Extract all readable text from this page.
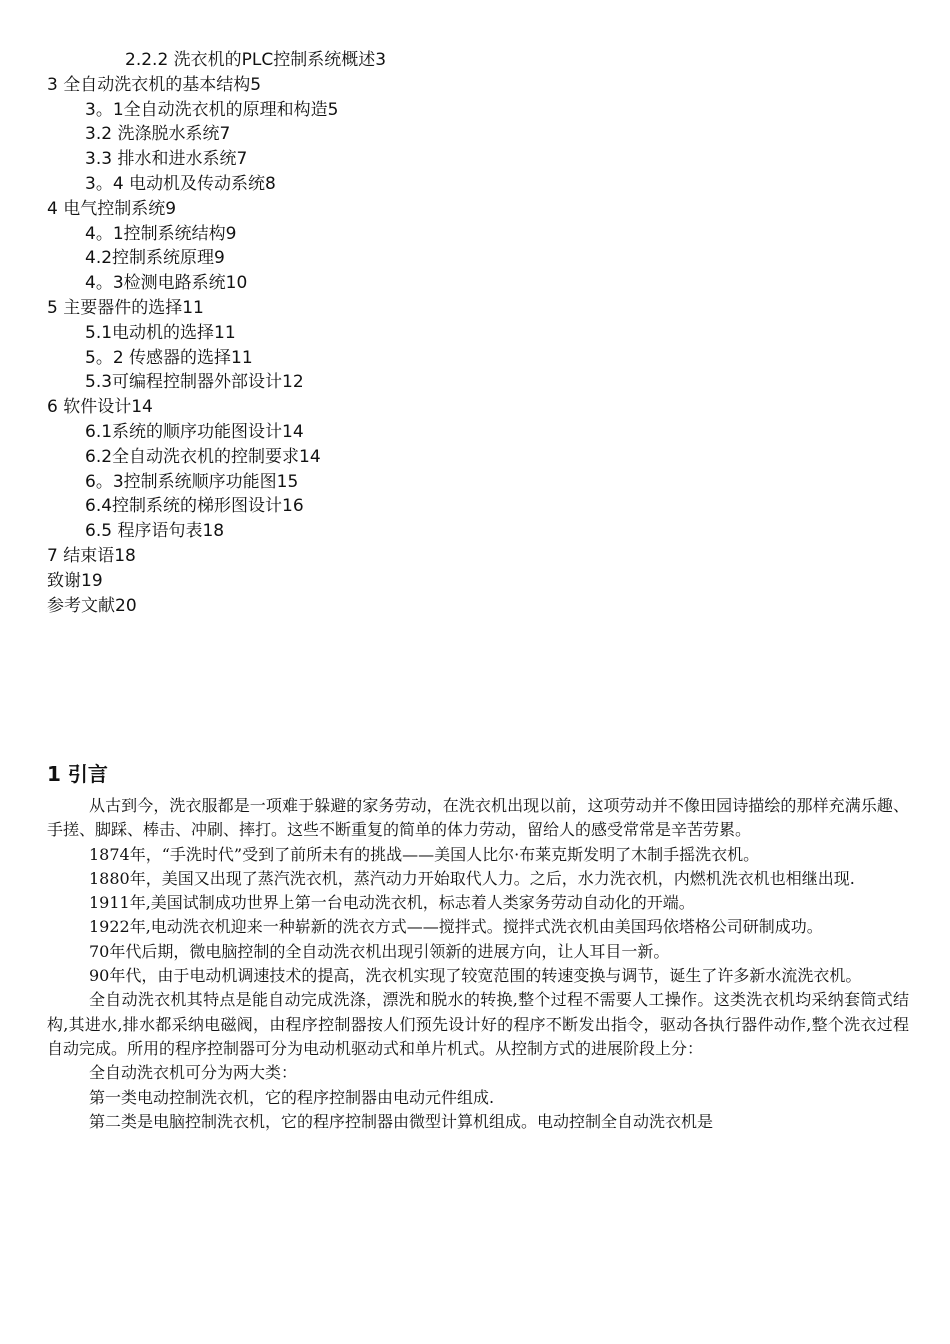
2.2.2 洗衣机的PLC控制系统概述3
3 全自动洗衣机的基本结构5
3。1全自动洗衣机的原理和构造5
3.2 洗涤脱水系统7
3.3 排水和进水系统7
3。4 电动机及传动系统8
4 电气控制系统9
4。1控制系统结构9
4.2控制系统原理9
4。3检测电路系统10
5 主要器件的选择11
5.1电动机的选择11
5。2 传感器的选择11
5.3可编程控制器外部设计12
6 软件设计14
6.1系统的顺序功能图设计14
6.2全自动洗衣机的控制要求14
6。3控制系统顺序功能图15
6.4控制系统的梯形图设计16
6.5 程序语句表18
7 结束语18
致谢19
参考文献20
1 引言

从古到今，洗衣服都是一项难于躲避的家务劳动，在洗衣机出现以前，这项劳动并不像田园诗描绘的那样充满乐趣、手搓、脚踩、棒击、冲刷、摔打。这些不断重复的简单的体力劳动，留给人的感受常常是辛苦劳累。

1874年，“手洗时代”受到了前所未有的挑战——美国人比尔·布莱克斯发明了木制手摇洗衣机。

1880年，美国又出现了蒸汽洗衣机，蒸汽动力开始取代人力。之后，水力洗衣机，内燃机洗衣机也相继出现.

1911年,美国试制成功世界上第一台电动洗衣机，标志着人类家务劳动自动化的开端。

1922年,电动洗衣机迎来一种崭新的洗衣方式——搅拌式。搅拌式洗衣机由美国玛依塔格公司研制成功。

70年代后期，微电脑控制的全自动洗衣机出现引领新的进展方向，让人耳目一新。

90年代，由于电动机调速技术的提高，洗衣机实现了较宽范围的转速变换与调节，诞生了许多新水流洗衣机。

全自动洗衣机其特点是能自动完成洗涤，漂洗和脱水的转换,整个过程不需要人工操作。这类洗衣机均采纳套筒式结构,其进水,排水都采纳电磁阀，由程序控制器按人们预先设计好的程序不断发出指令，驱动各执行器件动作,整个洗衣过程自动完成。所用的程序控制器可分为电动机驱动式和单片机式。从控制方式的进展阶段上分：

全自动洗衣机可分为两大类：

第一类电动控制洗衣机，它的程序控制器由电动元件组成.

第二类是电脑控制洗衣机，它的程序控制器由微型计算机组成。电动控制全自动洗衣机是
